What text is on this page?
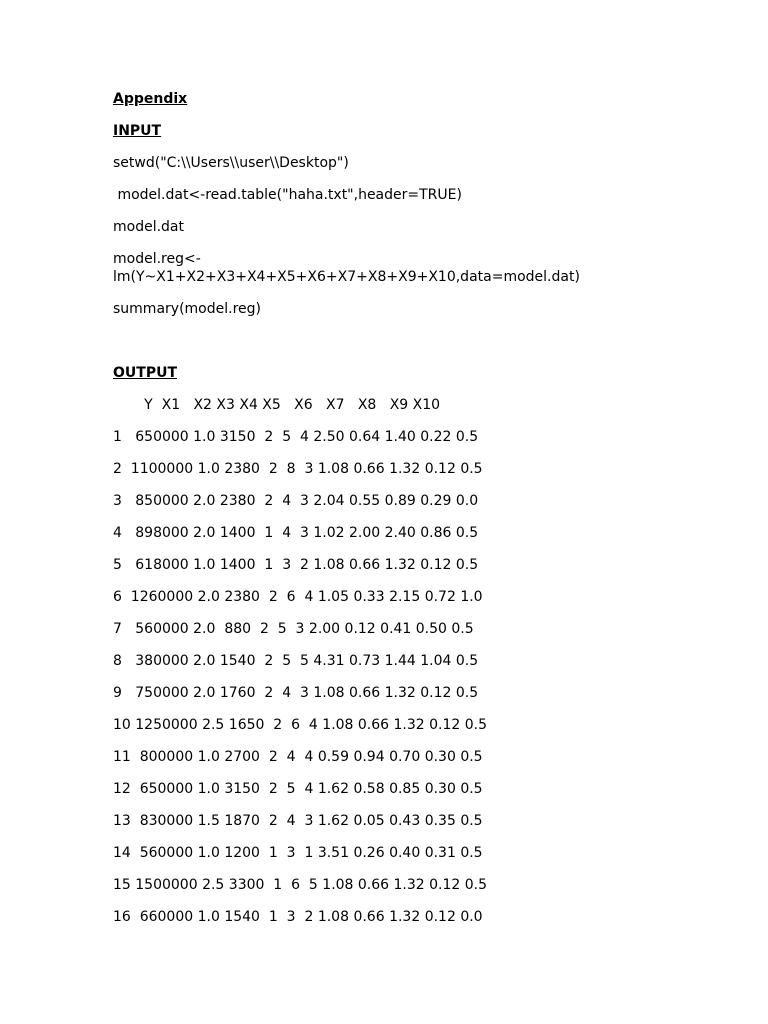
Appendix
INPUT
setwd("C:\\Users\\user\\Desktop")
model.dat<-read.table("haha.txt",header=TRUE)
model.dat
model.reg<-
lm(Y~X1+X2+X3+X4+X5+X6+X7+X8+X9+X10,data=model.dat)
summary(model.reg)
OUTPUT
Y  X1   X2 X3 X4 X5   X6   X7   X8   X9 X10
1   650000 1.0 3150  2  5  4 2.50 0.64 1.40 0.22 0.5
2  1100000 1.0 2380  2  8  3 1.08 0.66 1.32 0.12 0.5
3   850000 2.0 2380  2  4  3 2.04 0.55 0.89 0.29 0.0
4   898000 2.0 1400  1  4  3 1.02 2.00 2.40 0.86 0.5
5   618000 1.0 1400  1  3  2 1.08 0.66 1.32 0.12 0.5
6  1260000 2.0 2380  2  6  4 1.05 0.33 2.15 0.72 1.0
7   560000 2.0  880  2  5  3 2.00 0.12 0.41 0.50 0.5
8   380000 2.0 1540  2  5  5 4.31 0.73 1.44 1.04 0.5
9   750000 2.0 1760  2  4  3 1.08 0.66 1.32 0.12 0.5
10 1250000 2.5 1650  2  6  4 1.08 0.66 1.32 0.12 0.5
11  800000 1.0 2700  2  4  4 0.59 0.94 0.70 0.30 0.5
12  650000 1.0 3150  2  5  4 1.62 0.58 0.85 0.30 0.5
13  830000 1.5 1870  2  4  3 1.62 0.05 0.43 0.35 0.5
14  560000 1.0 1200  1  3  1 3.51 0.26 0.40 0.31 0.5
15 1500000 2.5 3300  1  6  5 1.08 0.66 1.32 0.12 0.5
16  660000 1.0 1540  1  3  2 1.08 0.66 1.32 0.12 0.0
